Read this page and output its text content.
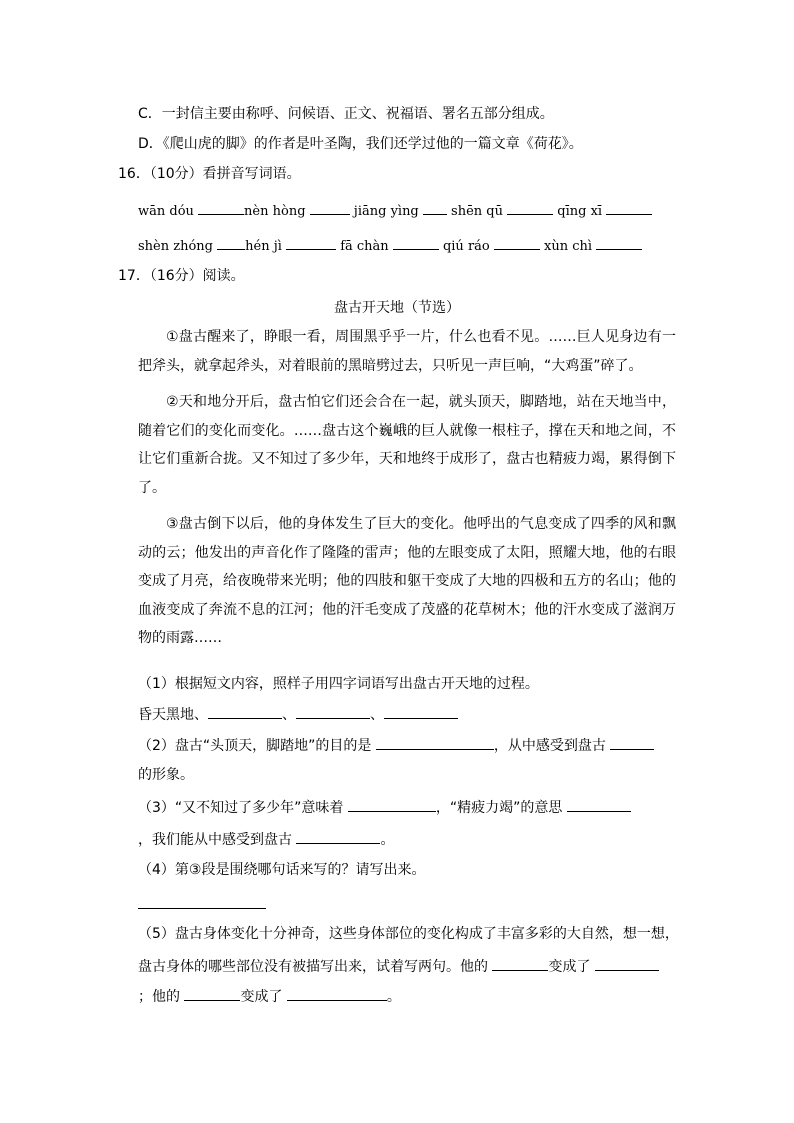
C．一封信主要由称呼、问候语、正文、祝福语、署名五部分组成。
D．《爬山虎的脚》的作者是叶圣陶，我们还学过他的一篇文章《荷花》。
16．（10分）看拼音写词语。
wān dóu	nèn hòng	jiāng yìng shēn qū	qīng xī
shèn zhóng hén jì	fā chàn	qiú ráo	xùn chì
17．（16分）阅读。
盘古开天地（节选）
①盘古醒来了，睁眼一看，周围黑乎乎一片，什么也看不见。……巨人见身边有一把斧头，就拿起斧头，对着眼前的黑暗劈过去，只听见一声巨响，“大鸡蛋”碎了。
②天和地分开后，盘古怕它们还会合在一起，就头顶天，脚踏地，站在天地当中，随着它们的变化而变化。……盘古这个巍峨的巨人就像一根柱子，撑在天和地之间，不让它们重新合拢。又不知过了多少年，天和地终于成形了，盘古也精疲力竭，累得倒下了。
③盘古倒下以后，他的身体发生了巨大的变化。他呼出的气息变成了四季的风和飘动的云；他发出的声音化作了隆隆的雷声；他的左眼变成了太阳，照耀大地，他的右眼变成了月亮，给夜晚带来光明；他的四肢和躯干变成了大地的四极和五方的名山；他的血液变成了奔流不息的江河；他的汗毛变成了茂盛的花草树木；他的汗水变成了滋润万物的雨露……
（1）根据短文内容，照样子用四字词语写出盘古开天地的过程。
昏天黑地、	、	、
（2）盘古“头顶天，脚踏地”的目的是	，从中感受到盘古
的形象。
（3）“又不知过了多少年”意味着	，“精疲力竭”的意思
，我们能从中感受到盘古	。
（4）第③段是围绕哪句话来写的？请写出来。
（5）盘古身体变化十分神奇，这些身体部位的变化构成了丰富多彩的大自然，想一想，
盘古身体的哪些部位没有被描写出来，试着写两句。他的	变成了
；他的	变成了	。
